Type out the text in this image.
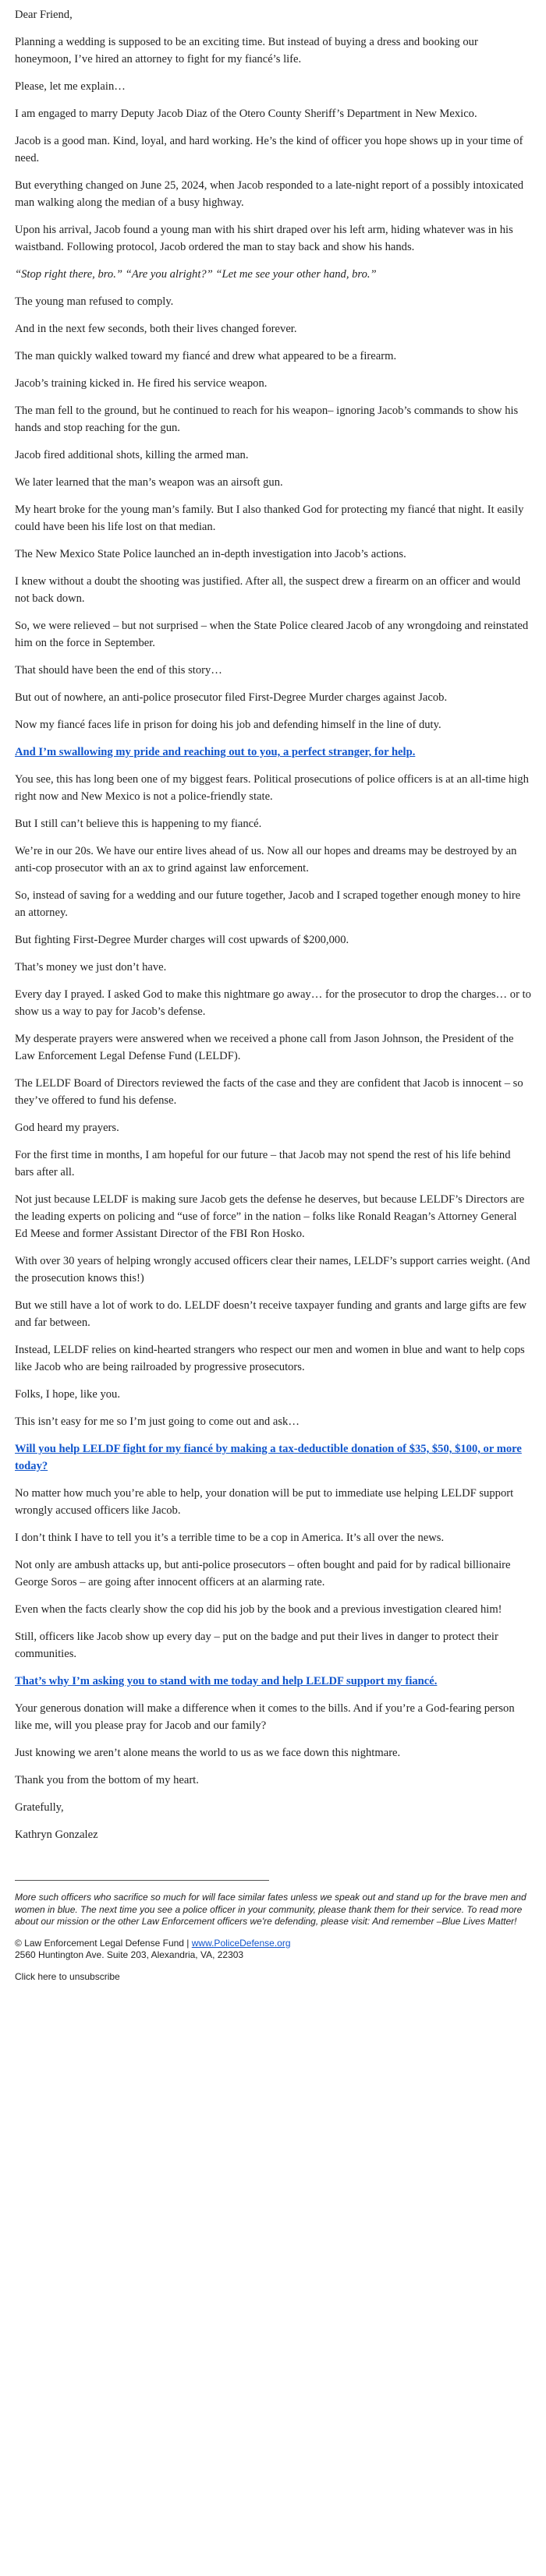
Dear Friend,

Planning a wedding is supposed to be an exciting time. But instead of buying a dress and booking our honeymoon, I’ve hired an attorney to fight for my fiancé’s life.

Please, let me explain…

I am engaged to marry Deputy Jacob Diaz of the Otero County Sheriff’s Department in New Mexico.

Jacob is a good man. Kind, loyal, and hard working. He’s the kind of officer you hope shows up in your time of need.

But everything changed on June 25, 2024, when Jacob responded to a late-night report of a possibly intoxicated man walking along the median of a busy highway.

Upon his arrival, Jacob found a young man with his shirt draped over his left arm, hiding whatever was in his waistband. Following protocol, Jacob ordered the man to stay back and show his hands.

“Stop right there, bro.” “Are you alright?” “Let me see your other hand, bro.”

The young man refused to comply.

And in the next few seconds, both their lives changed forever.

The man quickly walked toward my fiancé and drew what appeared to be a firearm.

Jacob’s training kicked in. He fired his service weapon.

The man fell to the ground, but he continued to reach for his weapon– ignoring Jacob’s commands to show his hands and stop reaching for the gun.

Jacob fired additional shots, killing the armed man.

We later learned that the man’s weapon was an airsoft gun.

My heart broke for the young man’s family. But I also thanked God for protecting my fiancé that night. It easily could have been his life lost on that median.

The New Mexico State Police launched an in-depth investigation into Jacob’s actions.

I knew without a doubt the shooting was justified. After all, the suspect drew a firearm on an officer and would not back down.

So, we were relieved – but not surprised – when the State Police cleared Jacob of any wrongdoing and reinstated him on the force in September.

That should have been the end of this story…

But out of nowhere, an anti-police prosecutor filed First-Degree Murder charges against Jacob.

Now my fiancé faces life in prison for doing his job and defending himself in the line of duty.

And I’m swallowing my pride and reaching out to you, a perfect stranger, for help.

You see, this has long been one of my biggest fears. Political prosecutions of police officers is at an all-time high right now and New Mexico is not a police-friendly state.

But I still can’t believe this is happening to my fiancé.

We’re in our 20s. We have our entire lives ahead of us. Now all our hopes and dreams may be destroyed by an anti-cop prosecutor with an ax to grind against law enforcement.

So, instead of saving for a wedding and our future together, Jacob and I scraped together enough money to hire an attorney.

But fighting First-Degree Murder charges will cost upwards of $200,000.

That’s money we just don’t have.

Every day I prayed. I asked God to make this nightmare go away… for the prosecutor to drop the charges… or to show us a way to pay for Jacob’s defense.

My desperate prayers were answered when we received a phone call from Jason Johnson, the President of the Law Enforcement Legal Defense Fund (LELDF).

The LELDF Board of Directors reviewed the facts of the case and they are confident that Jacob is innocent – so they’ve offered to fund his defense.

God heard my prayers.

For the first time in months, I am hopeful for our future – that Jacob may not spend the rest of his life behind bars after all.

Not just because LELDF is making sure Jacob gets the defense he deserves, but because LELDF’s Directors are the leading experts on policing and “use of force” in the nation – folks like Ronald Reagan’s Attorney General Ed Meese and former Assistant Director of the FBI Ron Hosko.

With over 30 years of helping wrongly accused officers clear their names, LELDF’s support carries weight. (And the prosecution knows this!)

But we still have a lot of work to do. LELDF doesn’t receive taxpayer funding and grants and large gifts are few and far between.

Instead, LELDF relies on kind-hearted strangers who respect our men and women in blue and want to help cops like Jacob who are being railroaded by progressive prosecutors.

Folks, I hope, like you.

This isn’t easy for me so I’m just going to come out and ask…

Will you help LELDF fight for my fiancé by making a tax-deductible donation of $35, $50, $100, or more today?

No matter how much you’re able to help, your donation will be put to immediate use helping LELDF support wrongly accused officers like Jacob.

I don’t think I have to tell you it’s a terrible time to be a cop in America. It’s all over the news.

Not only are ambush attacks up, but anti-police prosecutors – often bought and paid for by radical billionaire George Soros – are going after innocent officers at an alarming rate.

Even when the facts clearly show the cop did his job by the book and a previous investigation cleared him!

Still, officers like Jacob show up every day – put on the badge and put their lives in danger to protect their communities.

That’s why I’m asking you to stand with me today and help LELDF support my fiancé.

Your generous donation will make a difference when it comes to the bills. And if you’re a God-fearing person like me, will you please pray for Jacob and our family?

Just knowing we aren’t alone means the world to us as we face down this nightmare.

Thank you from the bottom of my heart.

Gratefully,

Kathryn Gonzalez

More such officers who sacrifice so much for will face similar fates unless we speak out and stand up for the brave men and women in blue. The next time you see a police officer in your community, please thank them for their service. To read more about our mission or the other Law Enforcement officers we're defending, please visit: And remember –Blue Lives Matter!

© Law Enforcement Legal Defense Fund | www.PoliceDefense.org

2560 Huntington Ave. Suite 203, Alexandria, VA, 22303

Click here to unsubscribe
